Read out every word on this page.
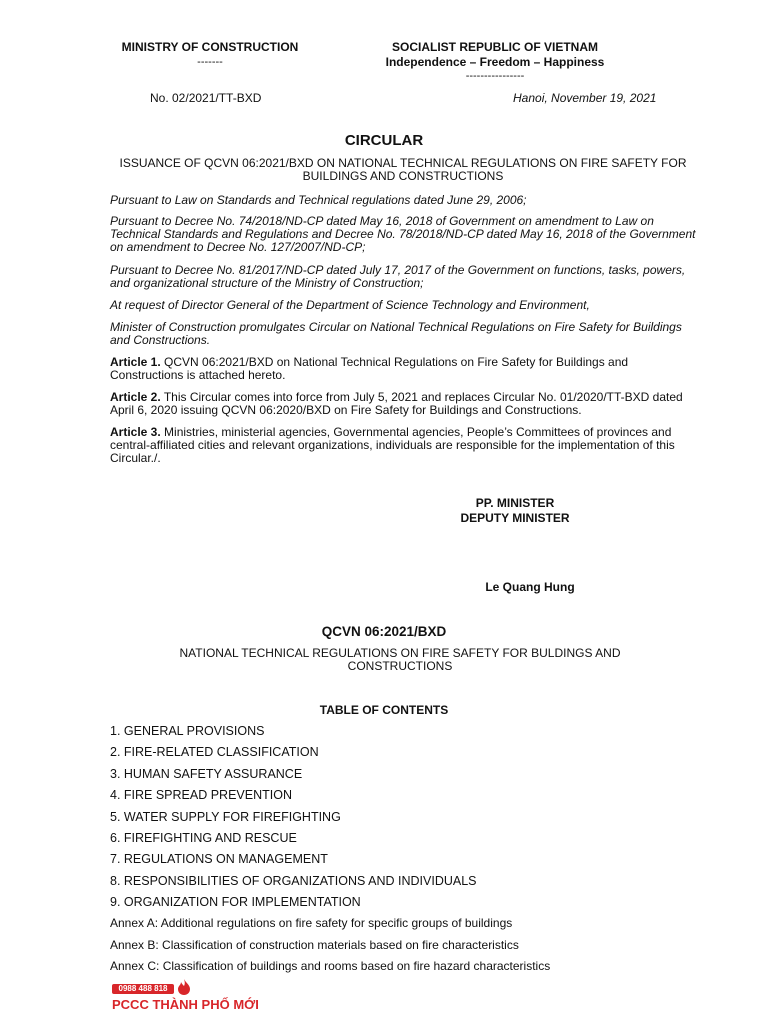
MINISTRY OF CONSTRUCTION
-------
SOCIALIST REPUBLIC OF VIETNAM
Independence – Freedom – Happiness
----------------
No. 02/2021/TT-BXD	Hanoi, November 19, 2021
CIRCULAR
ISSUANCE OF QCVN 06:2021/BXD ON NATIONAL TECHNICAL REGULATIONS ON FIRE SAFETY FOR BUILDINGS AND CONSTRUCTIONS
Pursuant to Law on Standards and Technical regulations dated June 29, 2006;
Pursuant to Decree No. 74/2018/ND-CP dated May 16, 2018 of Government on amendment to Law on Technical Standards and Regulations and Decree No. 78/2018/ND-CP dated May 16, 2018 of the Government on amendment to Decree No. 127/2007/ND-CP;
Pursuant to Decree No. 81/2017/ND-CP dated July 17, 2017 of the Government on functions, tasks, powers, and organizational structure of the Ministry of Construction;
At request of Director General of the Department of Science Technology and Environment,
Minister of Construction promulgates Circular on National Technical Regulations on Fire Safety for Buildings and Constructions.
Article 1. QCVN 06:2021/BXD on National Technical Regulations on Fire Safety for Buildings and Constructions is attached hereto.
Article 2. This Circular comes into force from July 5, 2021 and replaces Circular No. 01/2020/TT-BXD dated April 6, 2020 issuing QCVN 06:2020/BXD on Fire Safety for Buildings and Constructions.
Article 3. Ministries, ministerial agencies, Governmental agencies, People’s Committees of provinces and central-affiliated cities and relevant organizations, individuals are responsible for the implementation of this Circular./.
PP. MINISTER
DEPUTY MINISTER
Le Quang Hung
QCVN 06:2021/BXD
NATIONAL TECHNICAL REGULATIONS ON FIRE SAFETY FOR BULDINGS AND CONSTRUCTIONS
TABLE OF CONTENTS
1. GENERAL PROVISIONS
2. FIRE-RELATED CLASSIFICATION
3. HUMAN SAFETY ASSURANCE
4. FIRE SPREAD PREVENTION
5. WATER SUPPLY FOR FIREFIGHTING
6. FIREFIGHTING AND RESCUE
7. REGULATIONS ON MANAGEMENT
8. RESPONSIBILITIES OF ORGANIZATIONS AND INDIVIDUALS
9. ORGANIZATION FOR IMPLEMENTATION
Annex A: Additional regulations on fire safety for specific groups of buildings
Annex B: Classification of construction materials based on fire characteristics
Annex C: Classification of buildings and rooms based on fire hazard characteristics
0988 488 818
PCCC THÀNH PHỐ MỚI
